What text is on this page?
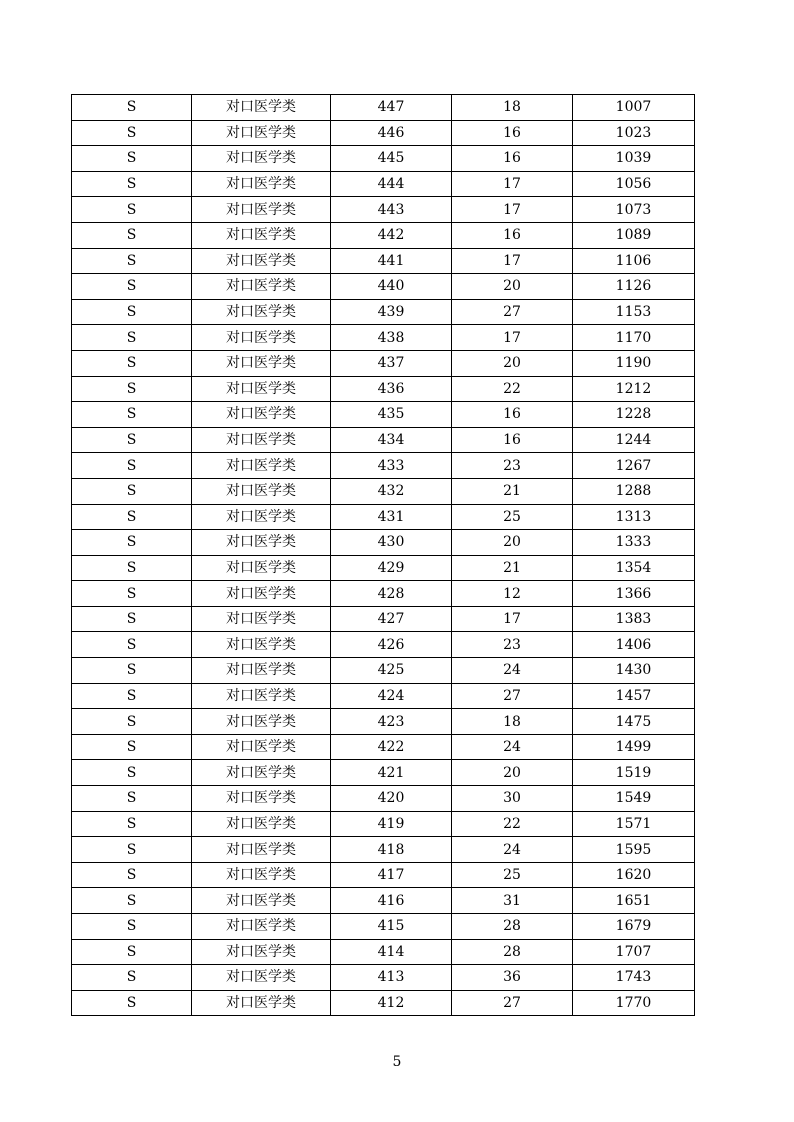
S	对口医学类	447	18	1007
S	对口医学类	446	16	1023
S	对口医学类	445	16	1039
S	对口医学类	444	17	1056
S	对口医学类	443	17	1073
S	对口医学类	442	16	1089
S	对口医学类	441	17	1106
S	对口医学类	440	20	1126
S	对口医学类	439	27	1153
S	对口医学类	438	17	1170
S	对口医学类	437	20	1190
S	对口医学类	436	22	1212
S	对口医学类	435	16	1228
S	对口医学类	434	16	1244
S	对口医学类	433	23	1267
S	对口医学类	432	21	1288
S	对口医学类	431	25	1313
S	对口医学类	430	20	1333
S	对口医学类	429	21	1354
S	对口医学类	428	12	1366
S	对口医学类	427	17	1383
S	对口医学类	426	23	1406
S	对口医学类	425	24	1430
S	对口医学类	424	27	1457
S	对口医学类	423	18	1475
S	对口医学类	422	24	1499
S	对口医学类	421	20	1519
S	对口医学类	420	30	1549
S	对口医学类	419	22	1571
S	对口医学类	418	24	1595
S	对口医学类	417	25	1620
S	对口医学类	416	31	1651
S	对口医学类	415	28	1679
S	对口医学类	414	28	1707
S	对口医学类	413	36	1743
S	对口医学类	412	27	1770
5
